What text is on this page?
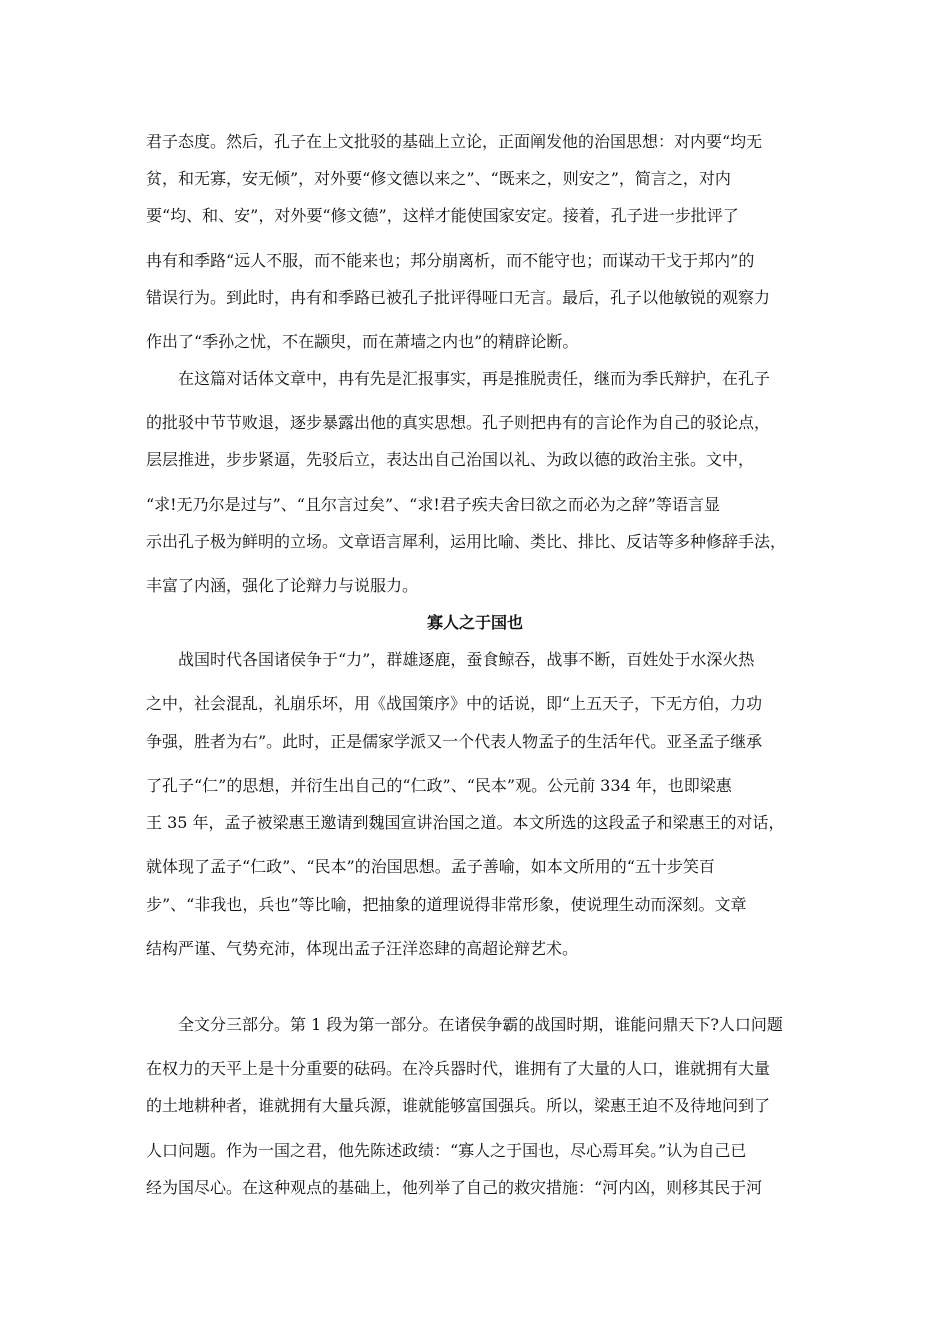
君子态度。然后，孔子在上文批驳的基础上立论，正面阐发他的治国思想：对内要“均无
贫，和无寡，安无倾”，对外要“修文德以来之”、“既来之，则安之”，简言之，对内
要“均、和、安”，对外要“修文德”，这样才能使国家安定。接着，孔子进一步批评了
冉有和季路“远人不服，而不能来也；邦分崩离析，而不能守也；而谋动干戈于邦内”的
错误行为。到此时，冉有和季路已被孔子批评得哑口无言。最后，孔子以他敏锐的观察力
作出了“季孙之忧，不在颛臾，而在萧墙之内也”的精辟论断。
　　在这篇对话体文章中，冉有先是汇报事实，再是推脱责任，继而为季氏辩护，在孔子
的批驳中节节败退，逐步暴露出他的真实思想。孔子则把冉有的言论作为自己的驳论点，
层层推进，步步紧逼，先驳后立，表达出自己治国以礼、为政以德的政治主张。文中，
“求!无乃尔是过与”、“且尔言过矣”、“求!君子疾夫舍曰欲之而必为之辞”等语言显
示出孔子极为鲜明的立场。文章语言犀利，运用比喻、类比、排比、反诘等多种修辞手法，
丰富了内涵，强化了论辩力与说服力。
寡人之于国也
　　战国时代各国诸侯争于“力”，群雄逐鹿，蚕食鲸吞，战事不断，百姓处于水深火热
之中，社会混乱，礼崩乐坏，用《战国策序》中的话说，即“上五天子，下无方伯，力功
争强，胜者为右”。此时，正是儒家学派又一个代表人物孟子的生活年代。亚圣孟子继承
了孔子“仁”的思想，并衍生出自己的“仁政”、“民本”观。公元前 334 年，也即梁惠
王 35 年，孟子被梁惠王邀请到魏国宣讲治国之道。本文所选的这段孟子和梁惠王的对话，
就体现了孟子“仁政”、“民本”的治国思想。孟子善喻，如本文所用的“五十步笑百
步”、“非我也，兵也”等比喻，把抽象的道理说得非常形象，使说理生动而深刻。文章
结构严谨、气势充沛，体现出孟子汪洋恣肆的高超论辩艺术。
　　全文分三部分。第 1 段为第一部分。在诸侯争霸的战国时期，谁能问鼎天下?人口问题
在权力的天平上是十分重要的砝码。在冷兵器时代，谁拥有了大量的人口，谁就拥有大量
的土地耕种者，谁就拥有大量兵源，谁就能够富国强兵。所以，梁惠王迫不及待地问到了
人口问题。作为一国之君，他先陈述政绩：“寡人之于国也，尽心焉耳矣。”认为自己已
经为国尽心。在这种观点的基础上，他列举了自己的救灾措施：“河内凶，则移其民于河
